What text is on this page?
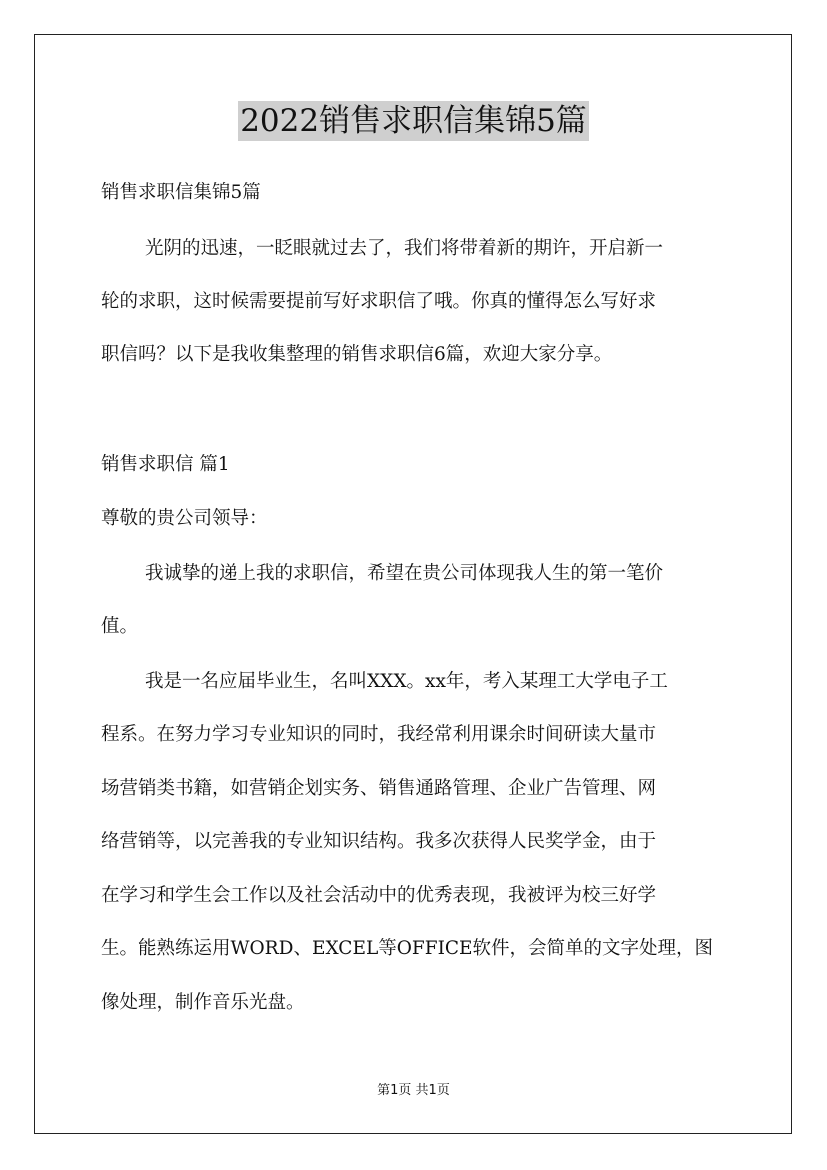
2022销售求职信集锦5篇
销售求职信集锦5篇
光阴的迅速，一眨眼就过去了，我们将带着新的期许，开启新一
轮的求职，这时候需要提前写好求职信了哦。你真的懂得怎么写好求
职信吗？以下是我收集整理的销售求职信6篇，欢迎大家分享。
销售求职信 篇1
尊敬的贵公司领导：
我诚挚的递上我的求职信，希望在贵公司体现我人生的第一笔价
值。
我是一名应届毕业生，名叫XXX。xx年，考入某理工大学电子工
程系。在努力学习专业知识的同时，我经常利用课余时间研读大量市
场营销类书籍，如营销企划实务、销售通路管理、企业广告管理、网
络营销等，以完善我的专业知识结构。我多次获得人民奖学金，由于
在学习和学生会工作以及社会活动中的优秀表现，我被评为校三好学
生。能熟练运用WORD、EXCEL等OFFICE软件，会简单的文字处理，图
像处理，制作音乐光盘。
第1页 共1页
